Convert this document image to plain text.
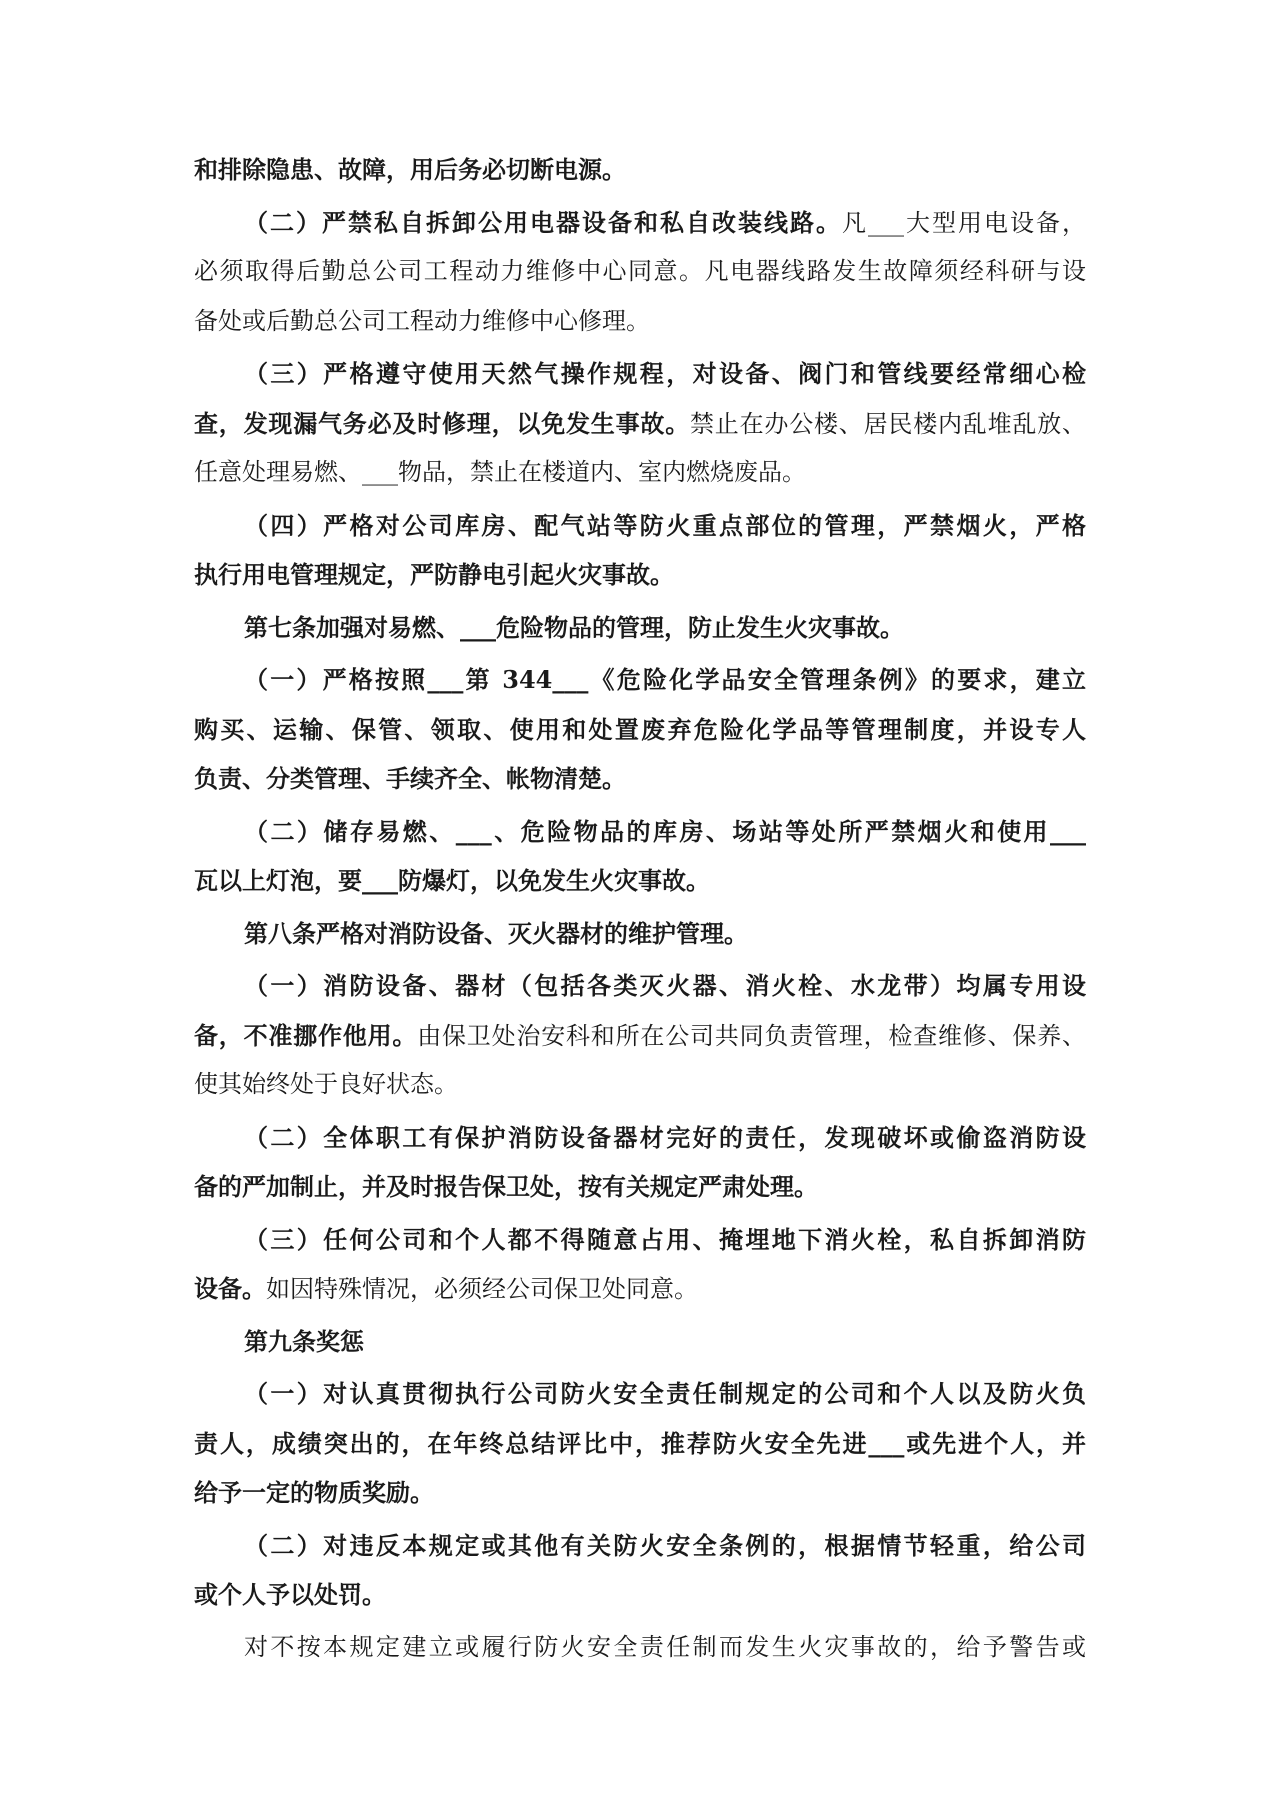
和排除隐患、故障，用后务必切断电源。
（二）严禁私自拆卸公用电器设备和私自改装线路。凡___大型用电设备，
必须取得后勤总公司工程动力维修中心同意。凡电器线路发生故障须经科研与设
备处或后勤总公司工程动力维修中心修理。
（三）严格遵守使用天然气操作规程，对设备、阀门和管线要经常细心检
查，发现漏气务必及时修理，以免发生事故。禁止在办公楼、居民楼内乱堆乱放、
任意处理易燃、___物品，禁止在楼道内、室内燃烧废品。
（四）严格对公司库房、配气站等防火重点部位的管理，严禁烟火，严格
执行用电管理规定，严防静电引起火灾事故。
第七条加强对易燃、___危险物品的管理，防止发生火灾事故。
（一）严格按照___第 344___《危险化学品安全管理条例》的要求，建立
购买、运输、保管、领取、使用和处置废弃危险化学品等管理制度，并设专人
负责、分类管理、手续齐全、帐物清楚。
（二）储存易燃、___、危险物品的库房、场站等处所严禁烟火和使用___
瓦以上灯泡，要___防爆灯，以免发生火灾事故。
第八条严格对消防设备、灭火器材的维护管理。
（一）消防设备、器材（包括各类灭火器、消火栓、水龙带）均属专用设
备，不准挪作他用。由保卫处治安科和所在公司共同负责管理，检查维修、保养、
使其始终处于良好状态。
（二）全体职工有保护消防设备器材完好的责任，发现破坏或偷盗消防设
备的严加制止，并及时报告保卫处，按有关规定严肃处理。
（三）任何公司和个人都不得随意占用、掩埋地下消火栓，私自拆卸消防
设备。如因特殊情况，必须经公司保卫处同意。
第九条奖惩
（一）对认真贯彻执行公司防火安全责任制规定的公司和个人以及防火负
责人，成绩突出的，在年终总结评比中，推荐防火安全先进___或先进个人，并
给予一定的物质奖励。
（二）对违反本规定或其他有关防火安全条例的，根据情节轻重，给公司
或个人予以处罚。
对不按本规定建立或履行防火安全责任制而发生火灾事故的，给予警告或
